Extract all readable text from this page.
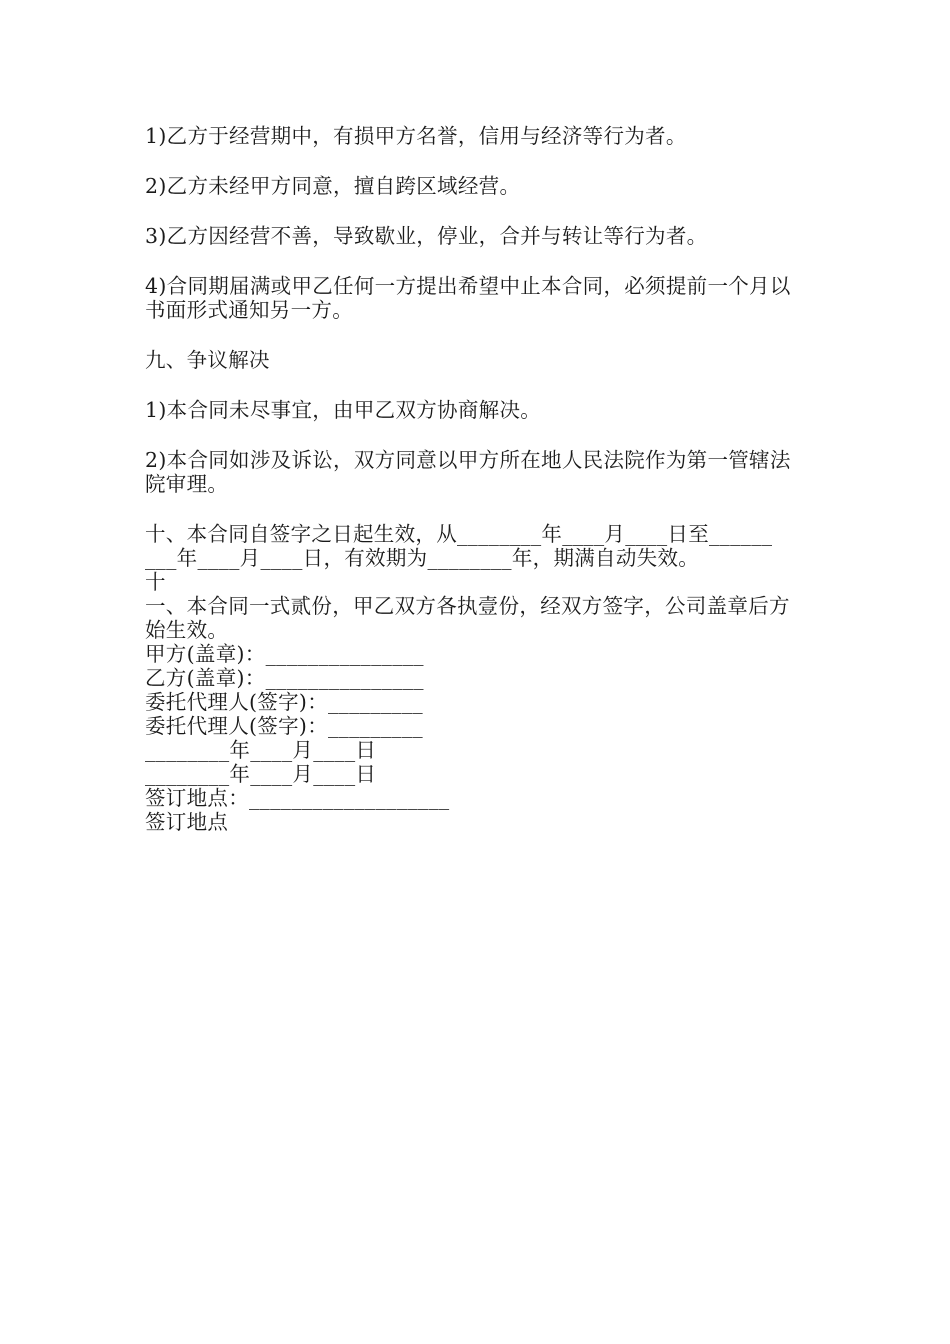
1)乙方于经营期中，有损甲方名誉，信用与经济等行为者。

2)乙方未经甲方同意，擅自跨区域经营。

3)乙方因经营不善，导致歇业，停业，合并与转让等行为者。

4)合同期届满或甲乙任何一方提出希望中止本合同，必须提前一个月以书面形式通知另一方。

九、争议解决

1)本合同未尽事宜，由甲乙双方协商解决。

2)本合同如涉及诉讼，双方同意以甲方所在地人民法院作为第一管辖法院审理。

十、本合同自签字之日起生效，从________年____月____日至______

___年____月____日，有效期为________年，期满自动失效。

十

一、本合同一式贰份，甲乙双方各执壹份，经双方签字，公司盖章后方始生效。

甲方(盖章)：_______________

乙方(盖章)：_______________

委托代理人(签字)：_________

委托代理人(签字)：_________

________年____月____日

________年____月____日

签订地点：___________________

签订地点
